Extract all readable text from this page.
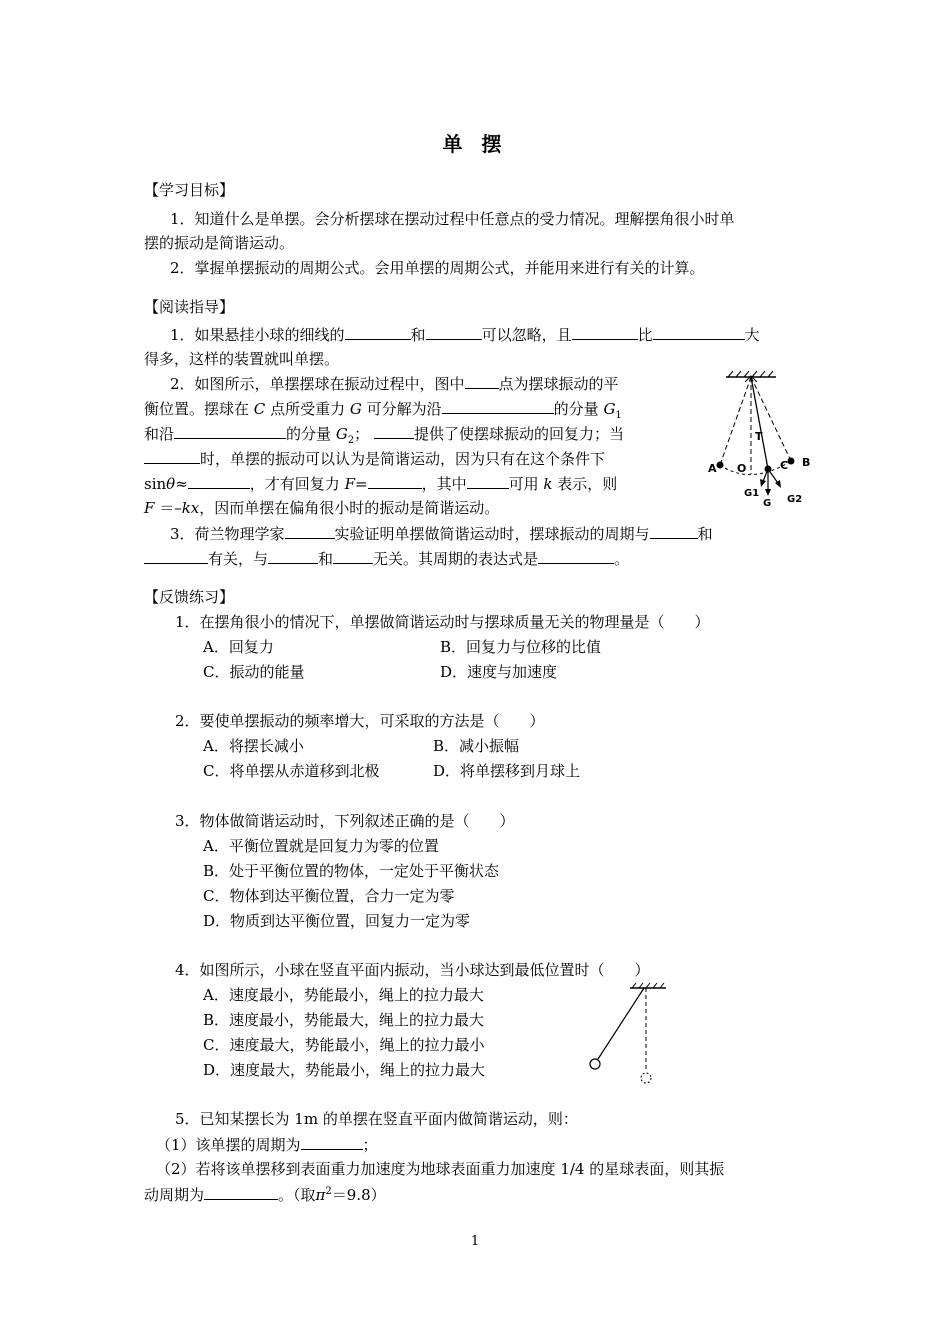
单 摆
【学习目标】
1．知道什么是单摆。会分析摆球在摆动过程中任意点的受力情况。理解摆角很小时单
摆的振动是简谐运动。
2．掌握单摆振动的周期公式。会用单摆的周期公式，并能用来进行有关的计算。
【阅读指导】
1．如果悬挂小球的细线的	和	可以忽略，且	比	大
得多，这样的装置就叫单摆。
2．如图所示，单摆摆球在振动过程中，图中 点为摆球振动的平
衡位置。摆球在 C 点所受重力 G 可分解为沿	的分量 $G_1$
和沿	的分量 $G_2$；	提供了使摆球振动的回复力；当
时，单摆的振动可以认为是简谐运动，因为只有在这个条件下
sinθ≈	，才有回复力 F=	，其中	可用 k 表示，则
F ＝–kx，因而单摆在偏角很小时的振动是简谐运动。
3．荷兰物理学家	实验证明单摆做简谐运动时，摆球振动的周期与	和
有关，与	和	无关。其周期的表达式是	。
A O
T
C B
G1
G G2
【反馈练习】
1．在摆角很小的情况下，单摆做简谐运动时与摆球质量无关的物理量是（　　）
A．回复力	B．回复力与位移的比值
C．振动的能量	D．速度与加速度
2．要使单摆振动的频率增大，可采取的方法是（　　）
A．将摆长减小	B．减小振幅
C．将单摆从赤道移到北极	D．将单摆移到月球上
3．物体做简谐运动时，下列叙述正确的是（　　）
A．平衡位置就是回复力为零的位置
B．处于平衡位置的物体，一定处于平衡状态
C．物体到达平衡位置，合力一定为零
D．物质到达平衡位置，回复力一定为零
4．如图所示，小球在竖直平面内振动，当小球达到最低位置时（　　）
A．速度最小，势能最小，绳上的拉力最大
B．速度最小，势能最大，绳上的拉力最大
C．速度最大，势能最小，绳上的拉力最小
D．速度最大，势能最小，绳上的拉力最大
5．已知某摆长为 1m 的单摆在竖直平面内做简谐运动，则：
（1）该单摆的周期为	；
（2）若将该单摆移到表面重力加速度为地球表面重力加速度 1/4 的星球表面，则其振
动周期为	。（取$\pi^2=9.8$）
1
